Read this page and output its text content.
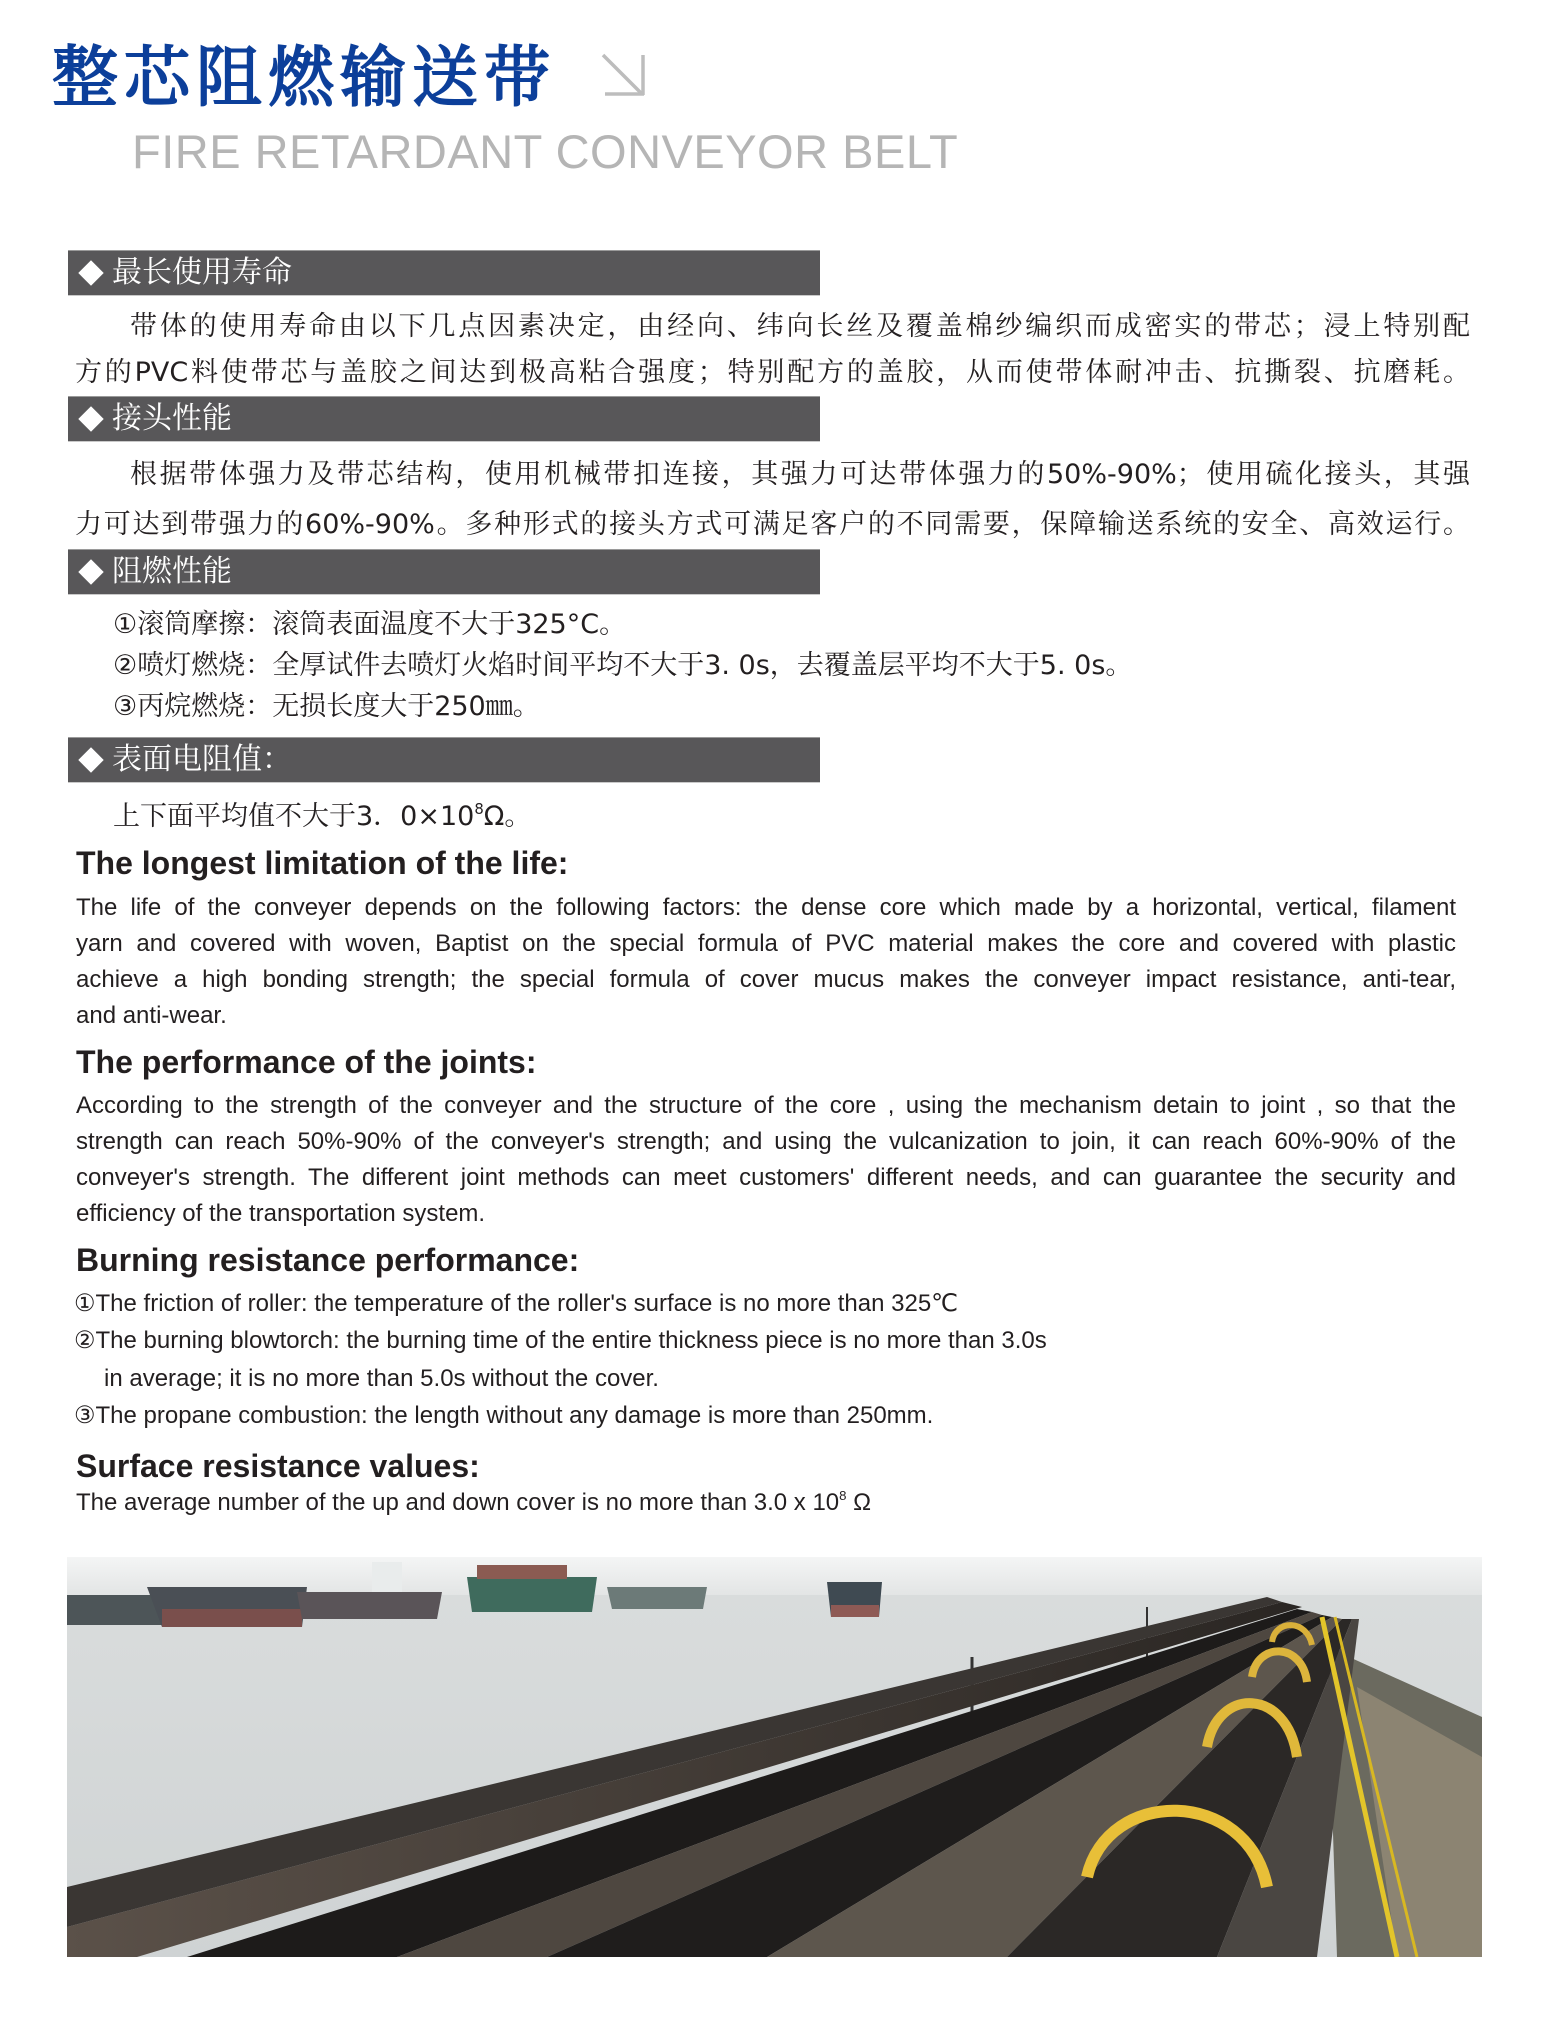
整芯阻燃输送带
FIRE RETARDANT CONVEYOR BELT
最长使用寿命
带体的使用寿命由以下几点因素决定，由经向、纬向长丝及覆盖棉纱编织而成密实的带芯；浸上特别配
方的PVC料使带芯与盖胶之间达到极高粘合强度；特别配方的盖胶，从而使带体耐冲击、抗撕裂、抗磨耗。
接头性能
根据带体强力及带芯结构，使用机械带扣连接，其强力可达带体强力的50%-90%；使用硫化接头，其强
力可达到带强力的60%-90%。多种形式的接头方式可满足客户的不同需要，保障输送系统的安全、高效运行。
阻燃性能
①滚筒摩擦：滚筒表面温度不大于325°C。
②喷灯燃烧：全厚试件去喷灯火焰时间平均不大于3. 0s，去覆盖层平均不大于5. 0s。
③丙烷燃烧：无损长度大于250㎜。
表面电阻值：
上下面平均值不大于3．$0\times 10^8\Omega$。
The longest limitation of the life:
The life of the conveyer depends on the following factors: the dense core which made by a horizontal, vertical, filament
yarn and covered with woven, Baptist on the special formula of PVC material makes the core and covered with plastic
achieve a high bonding strength; the special formula of cover mucus makes the conveyer impact resistance, anti-tear,
and anti-wear.
The performance of the joints:
According to the strength of the conveyer and the structure of the core , using the mechanism detain to joint , so that the
strength can reach 50%-90% of the conveyer's strength; and using the vulcanization to join, it can reach 60%-90% of the
conveyer's strength. The different joint methods can meet customers' different needs, and can guarantee the security and
efficiency of the transportation system.
Burning resistance performance:
①The friction of roller: the temperature of the roller's surface is no more than 325℃
②The burning blowtorch: the burning time of the entire thickness piece is no more than 3.0s
in average; it is no more than 5.0s without the cover.
③The propane combustion: the length without any damage is more than 250mm.
Surface resistance values:
The average number of the up and down cover is no more than 3.0 x $10^8$ Ω
